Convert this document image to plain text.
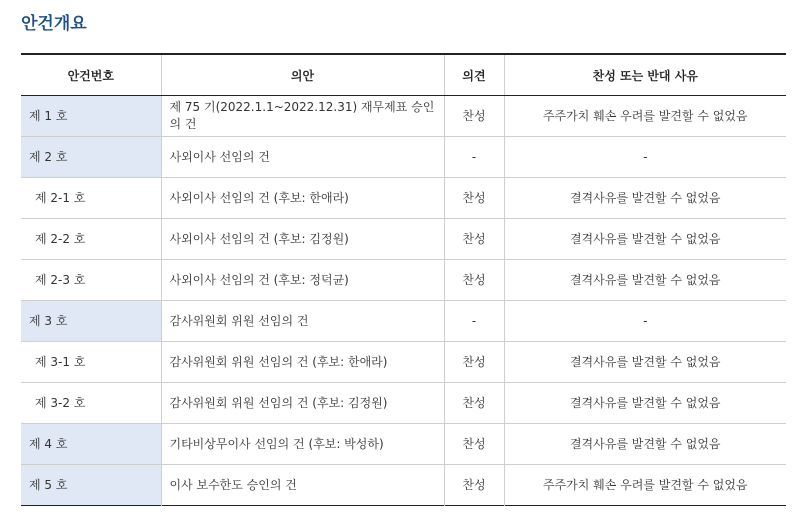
안건개요
안건번호	의안	의견	찬성 또는 반대 사유
제 1 호	제 75 기(2022.1.1~2022.12.31) 재무제표 승인의 건	찬성	주주가치 훼손 우려를 발견할 수 없었음
제 2 호	사외이사 선임의 건	-	-
제 2-1 호	사외이사 선임의 건 (후보: 한애라)	찬성	결격사유를 발견할 수 없었음
제 2-2 호	사외이사 선임의 건 (후보: 김정원)	찬성	결격사유를 발견할 수 없었음
제 2-3 호	사외이사 선임의 건 (후보: 정덕균)	찬성	결격사유를 발견할 수 없었음
제 3 호	감사위원회 위원 선임의 건	-	-
제 3-1 호	감사위원회 위원 선임의 건 (후보: 한애라)	찬성	결격사유를 발견할 수 없었음
제 3-2 호	감사위원회 위원 선임의 건 (후보: 김정원)	찬성	결격사유를 발견할 수 없었음
제 4 호	기타비상무이사 선임의 건 (후보: 박성하)	찬성	결격사유를 발견할 수 없었음
제 5 호	이사 보수한도 승인의 건	찬성	주주가치 훼손 우려를 발견할 수 없었음
